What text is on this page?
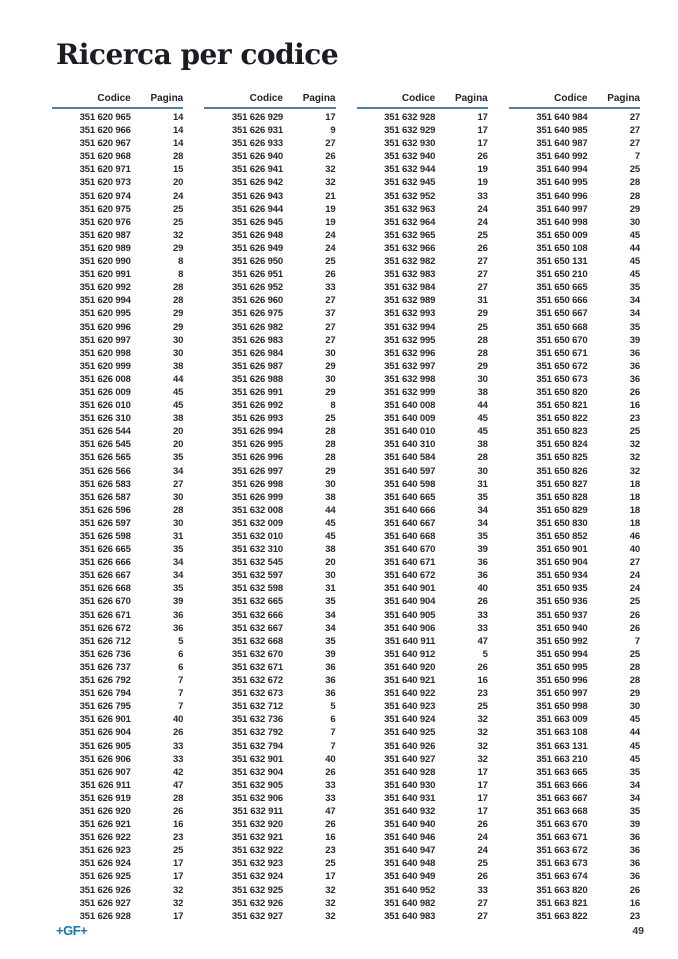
Ricerca per codice
Codice	Pagina
351 620 965	14
351 620 966	14
351 620 967	14
351 620 968	28
351 620 971	15
351 620 973	20
351 620 974	24
351 620 975	25
351 620 976	25
351 620 987	32
351 620 989	29
351 620 990	8
351 620 991	8
351 620 992	28
351 620 994	28
351 620 995	29
351 620 996	29
351 620 997	30
351 620 998	30
351 620 999	38
351 626 008	44
351 626 009	45
351 626 010	45
351 626 310	38
351 626 544	20
351 626 545	20
351 626 565	35
351 626 566	34
351 626 583	27
351 626 587	30
351 626 596	28
351 626 597	30
351 626 598	31
351 626 665	35
351 626 666	34
351 626 667	34
351 626 668	35
351 626 670	39
351 626 671	36
351 626 672	36
351 626 712	5
351 626 736	6
351 626 737	6
351 626 792	7
351 626 794	7
351 626 795	7
351 626 901	40
351 626 904	26
351 626 905	33
351 626 906	33
351 626 907	42
351 626 911	47
351 626 919	28
351 626 920	26
351 626 921	16
351 626 922	23
351 626 923	25
351 626 924	17
351 626 925	17
351 626 926	32
351 626 927	32
351 626 928	17
Codice	Pagina
351 626 929	17
351 626 931	9
351 626 933	27
351 626 940	26
351 626 941	32
351 626 942	32
351 626 943	21
351 626 944	19
351 626 945	19
351 626 948	24
351 626 949	24
351 626 950	25
351 626 951	26
351 626 952	33
351 626 960	27
351 626 975	37
351 626 982	27
351 626 983	27
351 626 984	30
351 626 987	29
351 626 988	30
351 626 991	29
351 626 992	8
351 626 993	25
351 626 994	28
351 626 995	28
351 626 996	28
351 626 997	29
351 626 998	30
351 626 999	38
351 632 008	44
351 632 009	45
351 632 010	45
351 632 310	38
351 632 545	20
351 632 597	30
351 632 598	31
351 632 665	35
351 632 666	34
351 632 667	34
351 632 668	35
351 632 670	39
351 632 671	36
351 632 672	36
351 632 673	36
351 632 712	5
351 632 736	6
351 632 792	7
351 632 794	7
351 632 901	40
351 632 904	26
351 632 905	33
351 632 906	33
351 632 911	47
351 632 920	26
351 632 921	16
351 632 922	23
351 632 923	25
351 632 924	17
351 632 925	32
351 632 926	32
351 632 927	32
Codice	Pagina
351 632 928	17
351 632 929	17
351 632 930	17
351 632 940	26
351 632 944	19
351 632 945	19
351 632 952	33
351 632 963	24
351 632 964	24
351 632 965	25
351 632 966	26
351 632 982	27
351 632 983	27
351 632 984	27
351 632 989	31
351 632 993	29
351 632 994	25
351 632 995	28
351 632 996	28
351 632 997	29
351 632 998	30
351 632 999	38
351 640 008	44
351 640 009	45
351 640 010	45
351 640 310	38
351 640 584	28
351 640 597	30
351 640 598	31
351 640 665	35
351 640 666	34
351 640 667	34
351 640 668	35
351 640 670	39
351 640 671	36
351 640 672	36
351 640 901	40
351 640 904	26
351 640 905	33
351 640 906	33
351 640 911	47
351 640 912	5
351 640 920	26
351 640 921	16
351 640 922	23
351 640 923	25
351 640 924	32
351 640 925	32
351 640 926	32
351 640 927	32
351 640 928	17
351 640 930	17
351 640 931	17
351 640 932	17
351 640 940	26
351 640 946	24
351 640 947	24
351 640 948	25
351 640 949	26
351 640 952	33
351 640 982	27
351 640 983	27
Codice	Pagina
351 640 984	27
351 640 985	27
351 640 987	27
351 640 992	7
351 640 994	25
351 640 995	28
351 640 996	28
351 640 997	29
351 640 998	30
351 650 009	45
351 650 108	44
351 650 131	45
351 650 210	45
351 650 665	35
351 650 666	34
351 650 667	34
351 650 668	35
351 650 670	39
351 650 671	36
351 650 672	36
351 650 673	36
351 650 820	26
351 650 821	16
351 650 822	23
351 650 823	25
351 650 824	32
351 650 825	32
351 650 826	32
351 650 827	18
351 650 828	18
351 650 829	18
351 650 830	18
351 650 852	46
351 650 901	40
351 650 904	27
351 650 934	24
351 650 935	24
351 650 936	25
351 650 937	26
351 650 940	26
351 650 992	7
351 650 994	25
351 650 995	28
351 650 996	28
351 650 997	29
351 650 998	30
351 663 009	45
351 663 108	44
351 663 131	45
351 663 210	45
351 663 665	35
351 663 666	34
351 663 667	34
351 663 668	35
351 663 670	39
351 663 671	36
351 663 672	36
351 663 673	36
351 663 674	36
351 663 820	26
351 663 821	16
351 663 822	23
+GF+	49
